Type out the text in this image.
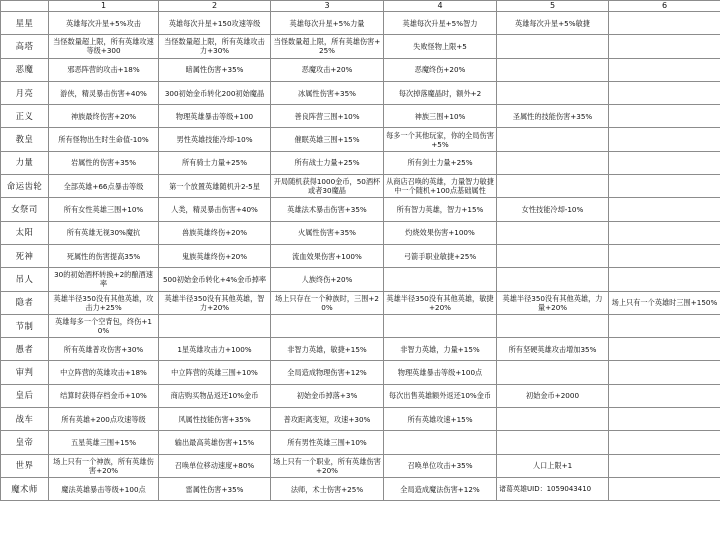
	1	2	3	4	5	6
星星	英雄每次升星+5%攻击	英雄每次升星+150攻速等级	英雄每次升星+5%力量	英雄每次升星+5%智力	英雄每次升星+5%敏捷	
高塔	当怪数量超上限，所有英雄攻速等级+300	当怪数量超上限，所有英雄攻击力+30%	当怪数量超上限，所有英雄伤害+25%	失败怪物上限+5		
恶魔	邪恶阵营的攻击+18%	暗属性伤害+35%	恶魔攻击+20%	恶魔终伤+20%		
月亮	游侠，精灵暴击伤害+40%	300初始金币转化200初始魔晶	冰属性伤害+35%	每次掉落魔晶时，额外+2		
正义	神族最终伤害+20%	物理英雄暴击等级+100	善良阵营三围+10%	神族三围+10%	圣属性的技能伤害+35%	
教皇	所有怪物出生时生命值-10%	男性英雄技能冷却-10%	催眠英雄三围+15%	每多一个其他玩家，你的全局伤害+5%		
力量	岩属性的伤害+35%	所有骑士力量+25%	所有战士力量+25%	所有剑士力量+25%		
命运齿轮	全部英雄+66点暴击等级	第一个放置英雄随机升2-5星	开局随机获得1000金币，50酒杯或者30魔晶	从商店召唤的英雄，力量智力敏捷中一个随机+100点基础属性		
女祭司	所有女性英雄三围+10%	人类，精灵暴击伤害+40%	英雄法术暴击伤害+35%	所有智力英雄，智力+15%	女性技能冷却-10%	
太阳	所有英雄无视30%魔抗	兽族英雄终伤+20%	火属性伤害+35%	灼烧效果伤害+100%		
死神	死属性的伤害提高35%	鬼族英雄终伤+20%	流血效果伤害+100%	弓箭手职业敏捷+25%		
吊人	30的初始酒杯转换+2的酿酒速率	500初始金币转化+4%金币掉率	人族终伤+20%			
隐者	英雄半径350没有其他英雄，攻击力+25%	英雄半径350没有其他英雄，智力+20%	场上只存在一个种族时，三围+20%	英雄半径350没有其他英雄，敏捷+20%	英雄半径350没有其他英雄，力量+20%	场上只有一个英雄时三围+150%
节制	英雄每多一个空背包，终伤+10%					
愚者	所有英雄普攻伤害+30%	1星英雄攻击力+100%	非智力英雄，敏捷+15%	非智力英雄，力量+15%	所有坚硬英雄攻击增加35%	
审判	中立阵营的英雄攻击+18%	中立阵营的英雄三围+10%	全局造成物理伤害+12%	物理英雄暴击等级+100点		
皇后	结算时获得存档金币+10%	商店购买物品返还10%金币	初始金币掉落+3%	每次出售英雄额外返还10%金币	初始金币+2000	
战车	所有英雄+200点攻速等级	风属性技能伤害+35%	普攻距离变短，攻速+30%	所有英雄攻速+15%		
皇帝	五星英雄三围+15%	输出最高英雄伤害+15%	所有男性英雄三围+10%			
世界	场上只有一个神族，所有英雄伤害+20%	召唤单位移动速度+80%	场上只有一个职业，所有英雄伤害+20%	召唤单位攻击+35%	人口上限+1	
魔术师	魔法英雄暴击等级+100点	雷属性伤害+35%	法师，术士伤害+25%	全局造成魔法伤害+12%	诸葛英雄UID：1059043410	
